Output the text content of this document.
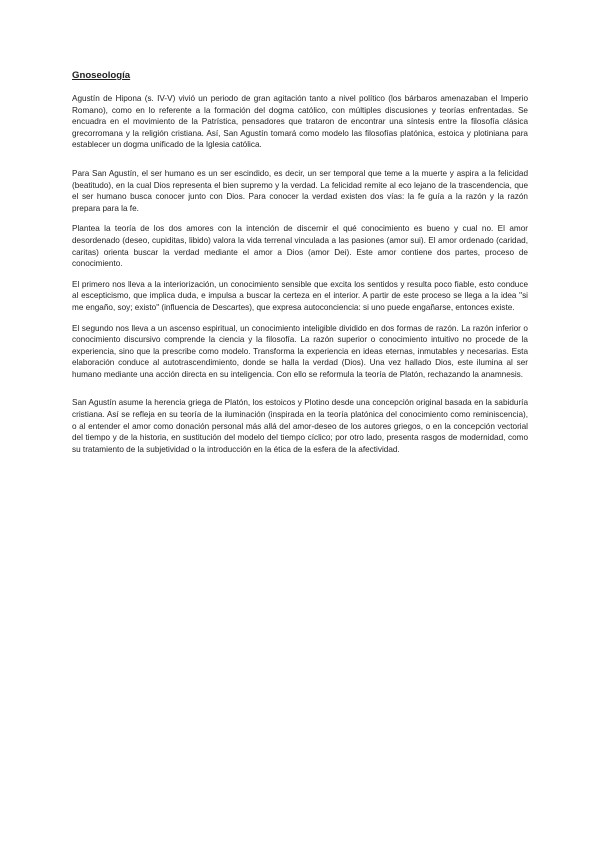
Gnoseología

Agustín de Hipona (s. IV-V) vivió un periodo de gran agitación tanto a nivel político (los bárbaros amenazaban el Imperio Romano), como en lo referente a la formación del dogma católico, con múltiples discusiones y teorías enfrentadas. Se encuadra en el movimiento de la Patrística, pensadores que trataron de encontrar una síntesis entre la filosofía clásica grecorromana y la religión cristiana. Así, San Agustín tomará como modelo las filosofías platónica, estoica y plotiniana para establecer un dogma unificado de la Iglesia católica.

Para San Agustín, el ser humano es un ser escindido, es decir, un ser temporal que teme a la muerte y aspira a la felicidad (beatitudo), en la cual Dios representa el bien supremo y la verdad. La felicidad remite al eco lejano de la trascendencia, que el ser humano busca conocer junto con Dios. Para conocer la verdad existen dos vías: la fe guía a la razón y la razón prepara para la fe.

Plantea la teoría de los dos amores con la intención de discernir el qué conocimiento es bueno y cual no. El amor desordenado (deseo, cupiditas, libido) valora la vida terrenal vinculada a las pasiones (amor sui). El amor ordenado (caridad, caritas) orienta buscar la verdad mediante el amor a Dios (amor Dei). Este amor contiene dos partes, proceso de conocimiento.

El primero nos lleva a la interiorización, un conocimiento sensible que excita los sentidos y resulta poco fiable, esto conduce al escepticismo, que implica duda, e impulsa a buscar la certeza en el interior. A partir de este proceso se llega a la idea "si me engaño, soy; existo" (influencia de Descartes), que expresa autoconciencia: si uno puede engañarse, entonces existe.

El segundo nos lleva a un ascenso espiritual, un conocimiento inteligible dividido en dos formas de razón. La razón inferior o conocimiento discursivo comprende la ciencia y la filosofía. La razón superior o conocimiento intuitivo no procede de la experiencia, sino que la prescribe como modelo. Transforma la experiencia en ideas eternas, inmutables y necesarias. Esta elaboración conduce al autotrascendimiento, donde se halla la verdad (Dios). Una vez hallado Dios, este ilumina al ser humano mediante una acción directa en su inteligencia. Con ello se reformula la teoría de Platón, rechazando la anamnesis.

San Agustín asume la herencia griega de Platón, los estoicos y Plotino desde una concepción original basada en la sabiduría cristiana. Así se refleja en su teoría de la iluminación (inspirada en la teoría platónica del conocimiento como reminiscencia), o al entender el amor como donación personal más allá del amor-deseo de los autores griegos, o en la concepción vectorial del tiempo y de la historia, en sustitución del modelo del tiempo cíclico; por otro lado, presenta rasgos de modernidad, como su tratamiento de la subjetividad o la introducción en la ética de la esfera de la afectividad.
